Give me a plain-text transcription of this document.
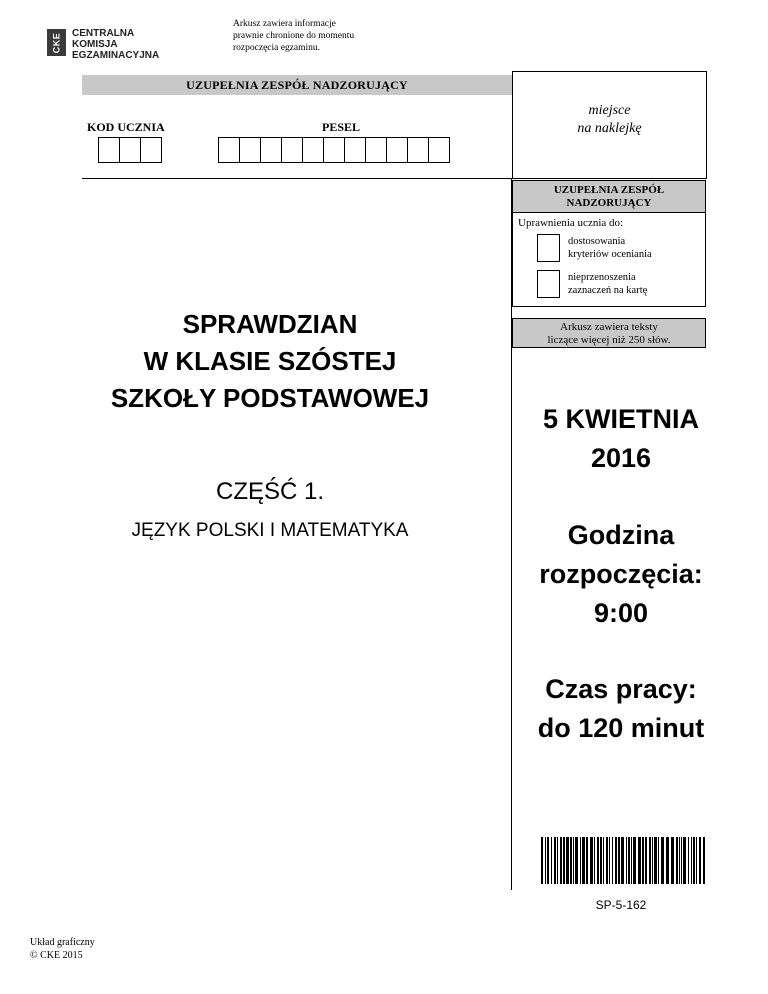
CKE CENTRALNA
KOMISJA
EGZAMINACYJNA
Arkusz zawiera informacje
prawnie chronione do momentu
rozpoczęcia egzaminu.
UZUPEŁNIA ZESPÓŁ NADZORUJĄCY
miejsce
na naklejkę
KOD UCZNIA	PESEL
UZUPEŁNIA ZESPÓŁ
NADZORUJĄCY
Uprawnienia ucznia do:
dostosowania
kryteriów oceniania
nieprzenoszenia
zaznaczeń na kartę
Arkusz zawiera teksty
liczące więcej niż 250 słów.
SPRAWDZIAN
W KLASIE SZÓSTEJ
SZKOŁY PODSTAWOWEJ
CZĘŚĆ 1.
JĘZYK POLSKI I MATEMATYKA
5 KWIETNIA
2016
Godzina
rozpoczęcia:
9:00
Czas pracy:
do 120 minut
SP-5-162
Układ graficzny
© CKE 2015
